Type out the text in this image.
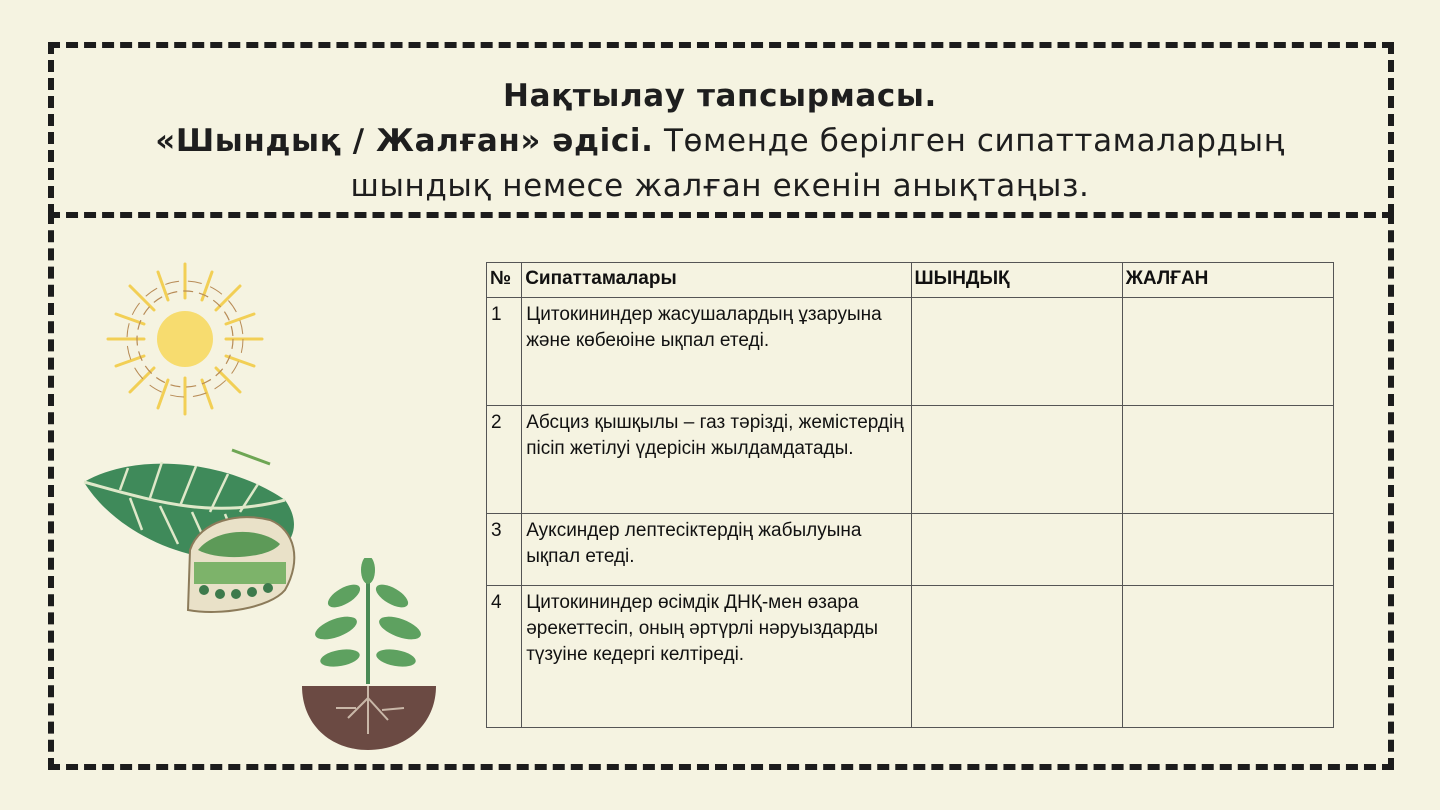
Нақтылау тапсырмасы.
«Шындық / Жалған» әдісі. Төменде берілген сипаттамалардың
шындық немесе жалған екенін анықтаңыз.
№	Сипаттамалары	ШЫНДЫҚ	ЖАЛҒАН
1	Цитокининдер жасушалардың ұзаруына және көбеюіне ықпал етеді.		
2	Абсциз қышқылы – газ тәрізді, жемістердің пісіп жетілуі үдерісін жылдамдатады.		
3	Ауксиндер лептесіктердің жабылуына ықпал етеді.		
4	Цитокининдер өсімдік ДНҚ-мен өзара әрекеттесіп, оның әртүрлі нәруыздарды түзуіне кедергі келтіреді.		
